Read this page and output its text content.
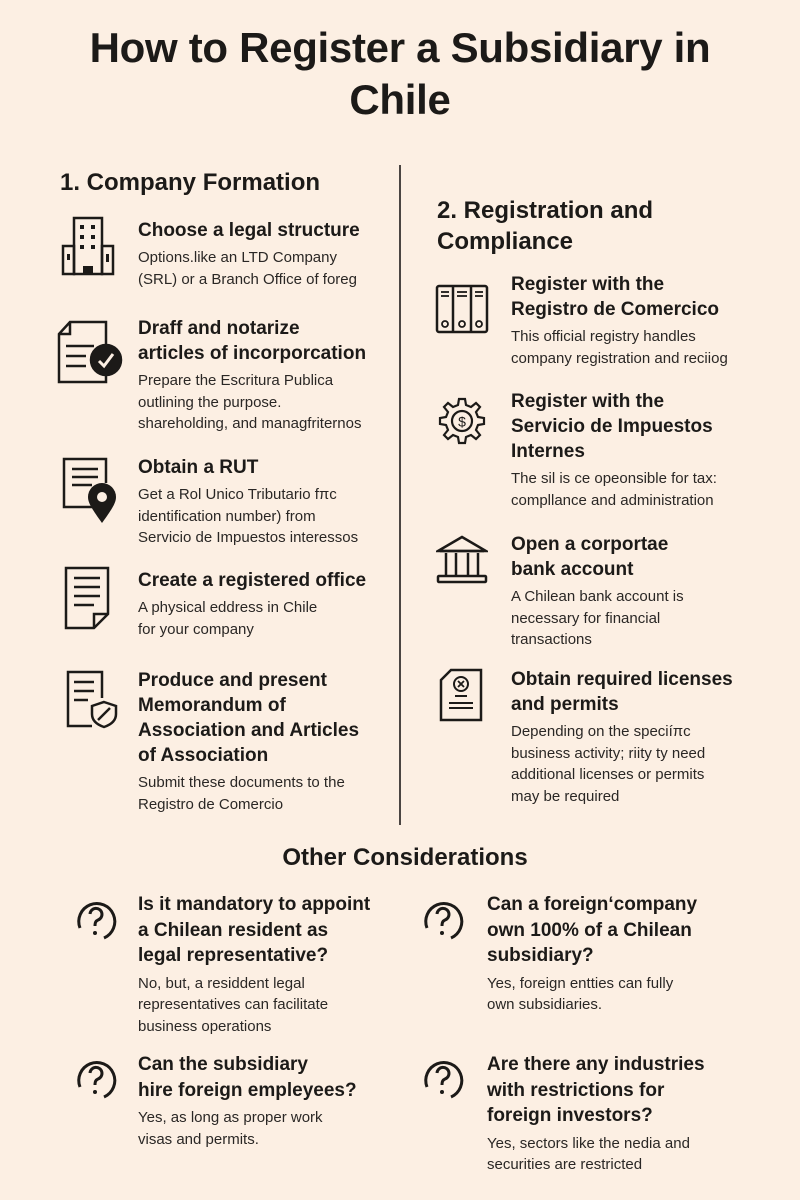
How to Register a Subsidiary in
Chile
1. Company Formation
2. Registration and
Compliance
Choose a legal structure
Options.like an LTD Company
(SRL) or a Branch Office of foreg
Draff and notarize
articles of incorporcation
Prepare the Escritura Publica
outlining the purpose.
shareholding, and managfriternos
Obtain a RUT
Get a Rol Unico Tributario fπc
identification number) from
Servicio de Impuestos interessos
Create a registered office
A physical eddress in Chile
for your company
Produce and present
Memorandum of
Association and Articles
of Association
Submit these documents to the
Registro de Comercio
Register with the
Registro de Comercico
This official registry handles
company registration and reciiog
$
Register with the
Servicio de Impuestos
Internes
The sil is ce opeonsible for tax:
compllance and administration
Open a corportae
bank account
A Chilean bank account is
necessary for financial
transactions
Obtain required licenses
and permits
Depending on the speciíπc
business activity; riity ty need
additional licenses or permits
may be required
Other Considerations
Is it mandatory to appoint
a Chilean resident as
legal representative?
No, but, a residdent legal
representatives can facilitate
business operations
Can a foreign‘company
own 100% of a Chilean
subsidiary?
Yes, foreign entties can fully
own subsidiaries.
Can the subsidiary
hire foreign empleyees?
Yes, as long as proper work
visas and permits.
Are there any industries
with restrictions for
foreign investors?
Yes, sectors like the nedia and
securities are restricted
